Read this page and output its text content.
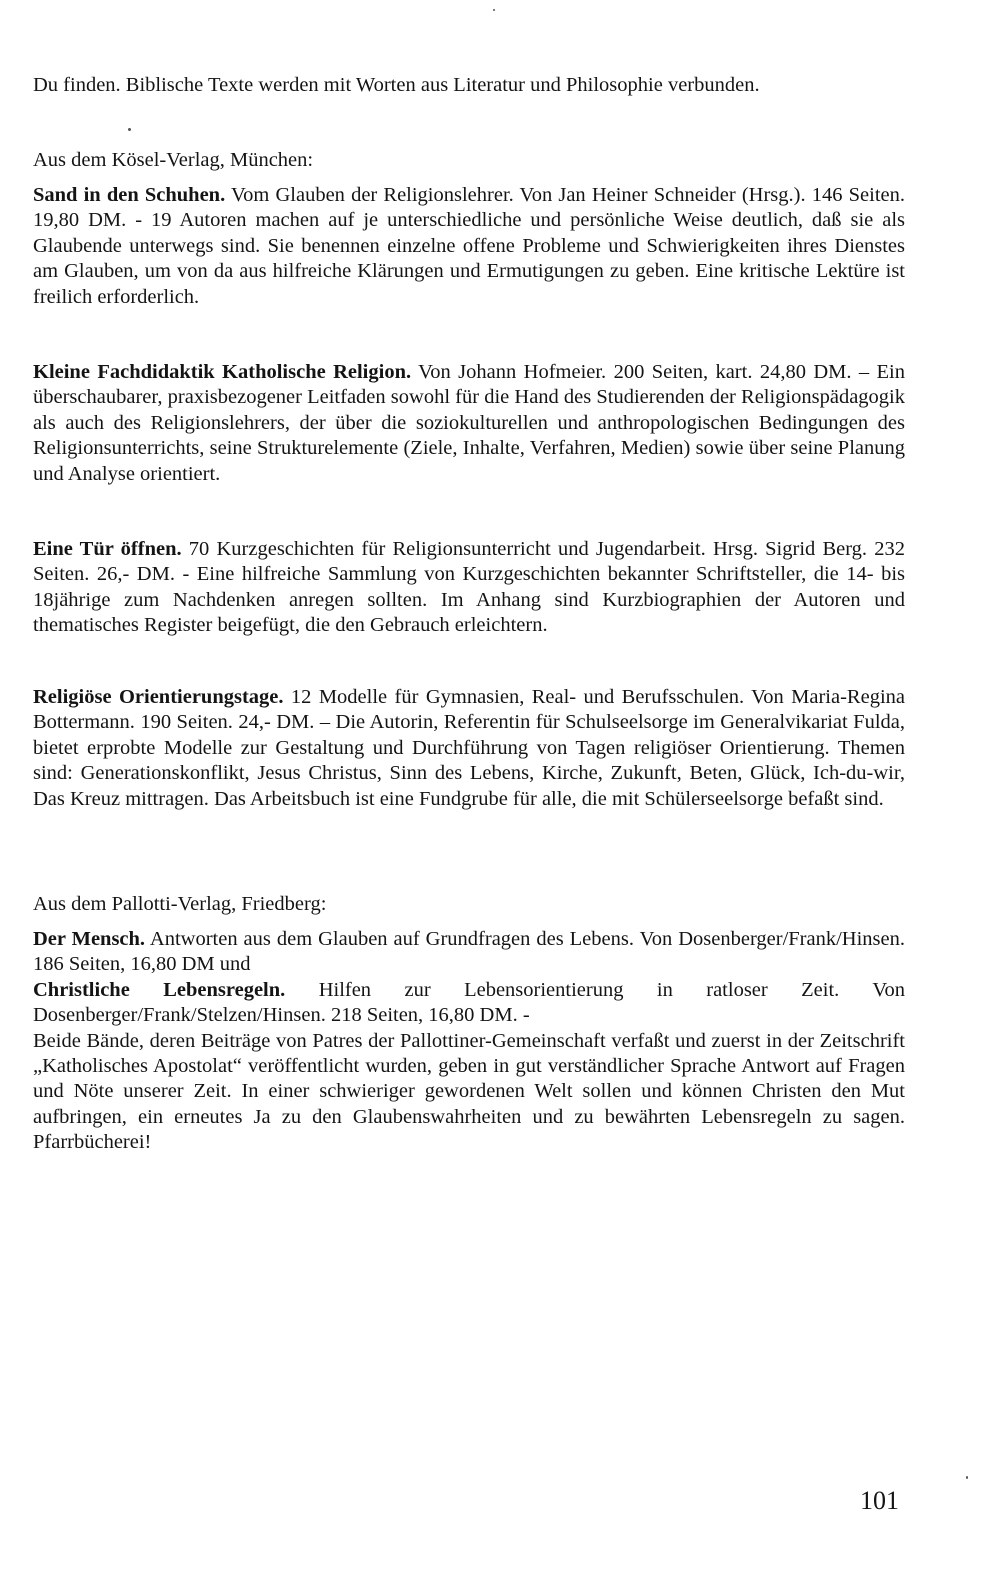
Du finden. Biblische Texte werden mit Worten aus Literatur und Philosophie verbunden.

Aus dem Kösel-Verlag, München:

Sand in den Schuhen. Vom Glauben der Religionslehrer. Von Jan Heiner Schneider (Hrsg.). 146 Seiten. 19,80 DM. - 19 Autoren machen auf je unterschiedliche und persönliche Weise deutlich, daß sie als Glaubende unterwegs sind. Sie benennen einzelne offene Probleme und Schwierigkeiten ihres Dienstes am Glauben, um von da aus hilfreiche Klärungen und Ermutigungen zu geben. Eine kritische Lektüre ist freilich erforderlich.

Kleine Fachdidaktik Katholische Religion. Von Johann Hofmeier. 200 Seiten, kart. 24,80 DM. – Ein überschaubarer, praxisbezogener Leitfaden sowohl für die Hand des Studierenden der Religionspädagogik als auch des Religionslehrers, der über die soziokulturellen und anthropologischen Bedingungen des Religionsunterrichts, seine Strukturelemente (Ziele, Inhalte, Verfahren, Medien) sowie über seine Planung und Analyse orientiert.

Eine Tür öffnen. 70 Kurzgeschichten für Religionsunterricht und Jugendarbeit. Hrsg. Sigrid Berg. 232 Seiten. 26,- DM. - Eine hilfreiche Sammlung von Kurzgeschichten bekannter Schriftsteller, die 14- bis 18jährige zum Nachdenken anregen sollten. Im Anhang sind Kurzbiographien der Autoren und thematisches Register beigefügt, die den Gebrauch erleichtern.

Religiöse Orientierungstage. 12 Modelle für Gymnasien, Real- und Berufsschulen. Von Maria-Regina Bottermann. 190 Seiten. 24,- DM. – Die Autorin, Referentin für Schulseelsorge im Generalvikariat Fulda, bietet erprobte Modelle zur Gestaltung und Durchführung von Tagen religiöser Orientierung. Themen sind: Generationskonflikt, Jesus Christus, Sinn des Lebens, Kirche, Zukunft, Beten, Glück, Ich-du-wir, Das Kreuz mittragen. Das Arbeitsbuch ist eine Fundgrube für alle, die mit Schülerseelsorge befaßt sind.

Aus dem Pallotti-Verlag, Friedberg:

Der Mensch. Antworten aus dem Glauben auf Grundfragen des Lebens. Von Dosenberger/Frank/Hinsen. 186 Seiten, 16,80 DM und
Christliche Lebensregeln. Hilfen zur Lebensorientierung in ratloser Zeit. Von Dosenberger/Frank/Stelzen/Hinsen. 218 Seiten, 16,80 DM. -
Beide Bände, deren Beiträge von Patres der Pallottiner-Gemeinschaft verfaßt und zuerst in der Zeitschrift „Katholisches Apostolat“ veröffentlicht wurden, geben in gut verständlicher Sprache Antwort auf Fragen und Nöte unserer Zeit. In einer schwieriger gewordenen Welt sollen und können Christen den Mut aufbringen, ein erneutes Ja zu den Glaubenswahrheiten und zu bewährten Lebensregeln zu sagen. Pfarrbücherei!

101
